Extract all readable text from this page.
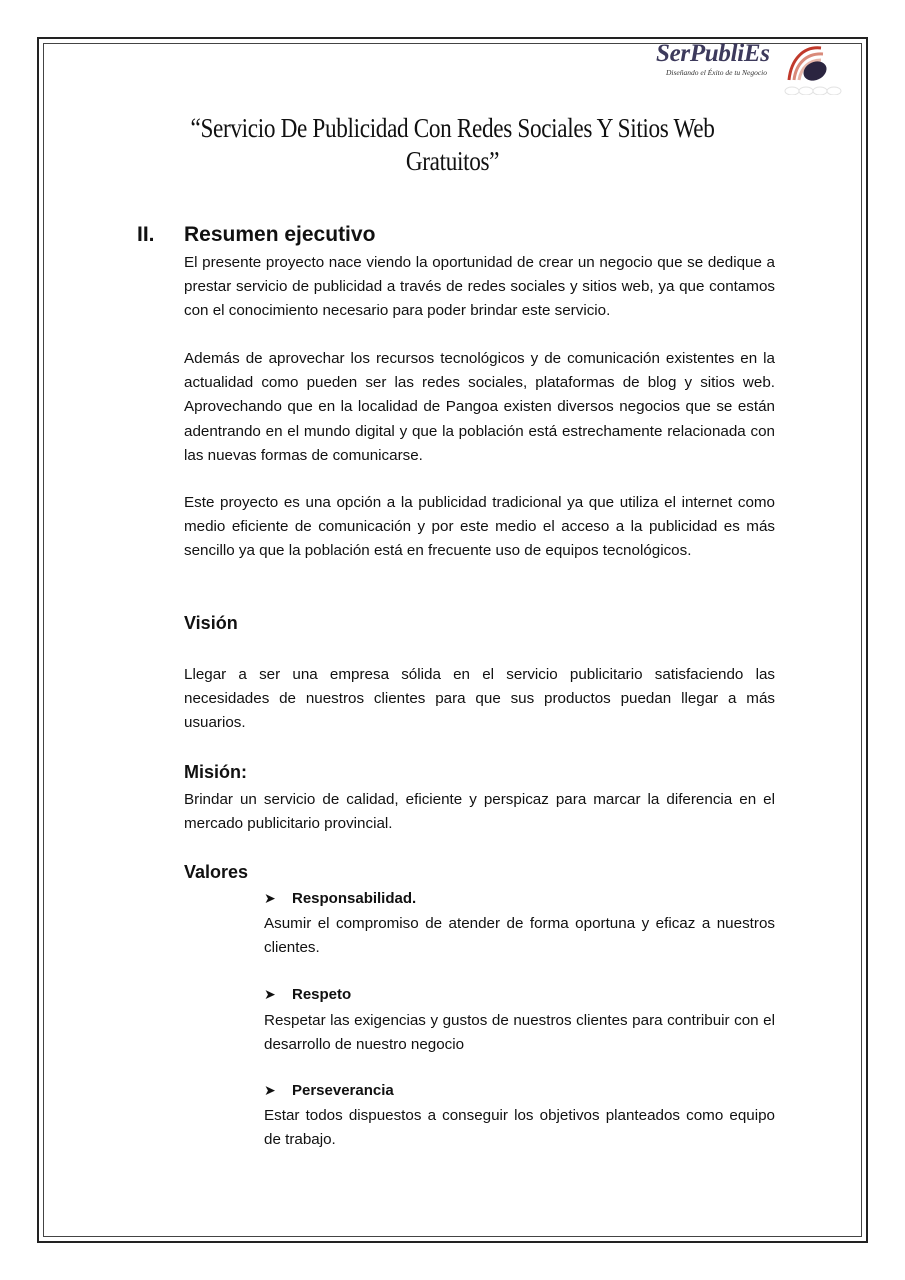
SerPubliEs
Diseñando el Éxito de tu Negocio
“Servicio De Publicidad Con Redes Sociales Y Sitios Web Gratuitos”
II. Resumen ejecutivo
El presente proyecto nace viendo la oportunidad de crear un negocio que se dedique a prestar servicio de publicidad a través de redes sociales y sitios web, ya que contamos con el conocimiento necesario para poder brindar este servicio.
Además de aprovechar los recursos tecnológicos y de comunicación existentes en la actualidad como pueden ser las redes sociales, plataformas de blog y sitios web. Aprovechando que en la localidad de Pangoa existen diversos negocios que se están adentrando en el mundo digital y que la población está estrechamente relacionada con las nuevas formas de comunicarse.
Este proyecto es una opción a la publicidad tradicional ya que utiliza el internet como medio eficiente de comunicación y por este medio el acceso a la publicidad es más sencillo ya que la población está en frecuente uso de equipos tecnológicos.
Visión
Llegar a ser una empresa sólida en el servicio publicitario satisfaciendo las necesidades de nuestros clientes para que sus productos puedan llegar a más usuarios.
Misión:
Brindar un servicio de calidad, eficiente y perspicaz para marcar la diferencia en el mercado publicitario provincial.
Valores
➤ Responsabilidad.
Asumir el compromiso de atender de forma oportuna y eficaz a nuestros clientes.
➤ Respeto
Respetar las exigencias y gustos de nuestros clientes para contribuir con el desarrollo de nuestro negocio
➤ Perseverancia
Estar todos dispuestos a conseguir los objetivos planteados como equipo de trabajo.
